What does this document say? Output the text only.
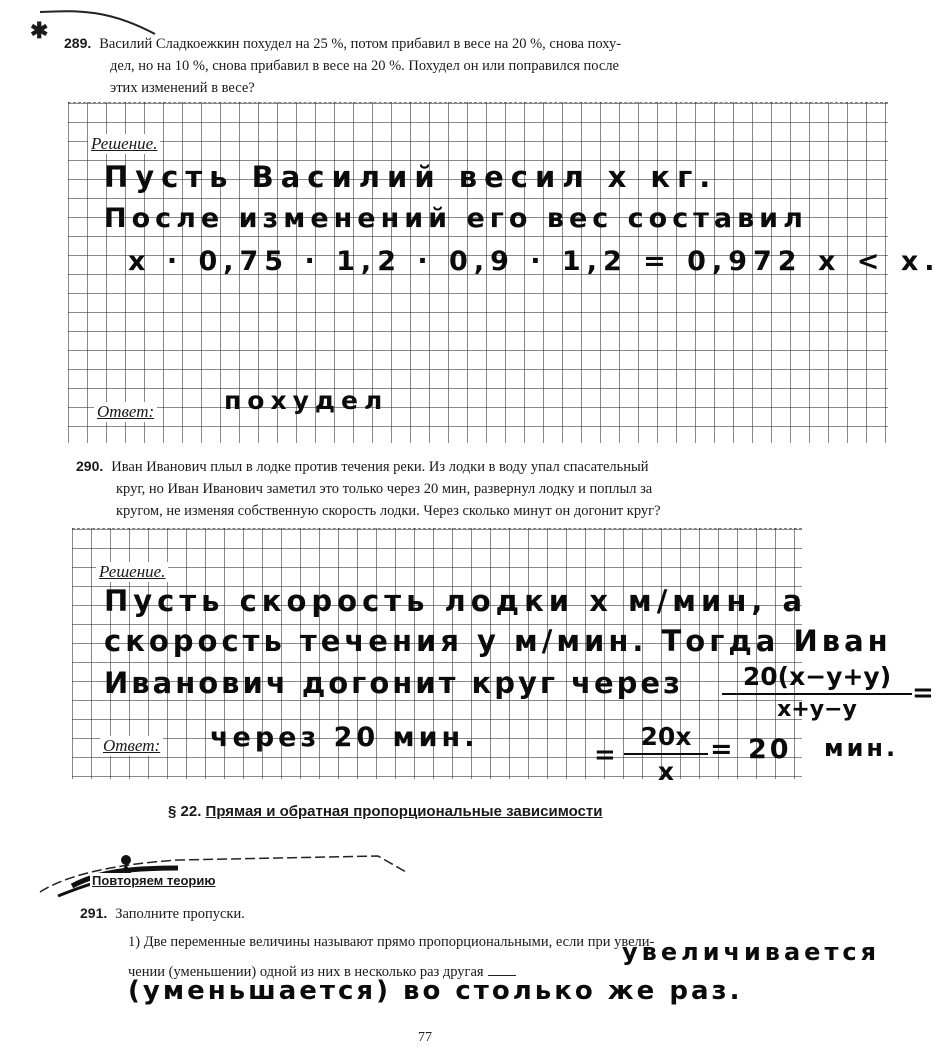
✱ 289. Василий Сладкоежкин похудел на 25 %, потом прибавил в весе на 20 %, снова поху-
дел, но на 10 %, снова прибавил в весе на 20 %. Похудел он или поправился после
этих изменений в весе?
Решение.
Пусть Василий весил х кг.
После изменений его вес составил
х · 0,75 · 1,2 · 0,9 · 1,2 = 0,972 х < х.
Ответ:	похудел
290. Иван Иванович плыл в лодке против течения реки. Из лодки в воду упал спасательный
круг, но Иван Иванович заметил это только через 20 мин, развернул лодку и поплыл за
кругом, не изменяя собственную скорость лодки. Через сколько минут он догонит круг?
Решение.
Пусть скорость лодки х м/мин, а
скорость течения у м/мин. Тогда Иван
Иванович догонит круг через	20(х−у+у)
х+у−у
=
Ответ: через 20 мин.
=
20х
х
= 20 мин.
§ 22. Прямая и обратная пропорциональные зависимости
Повторяем теорию
291. Заполните пропуски.
1) Две переменные величины называют прямо пропорциональными, если при увели-
чении (уменьшении) одной из них в несколько раз другая
увеличивается
(уменьшается) во столько же раз.
77
